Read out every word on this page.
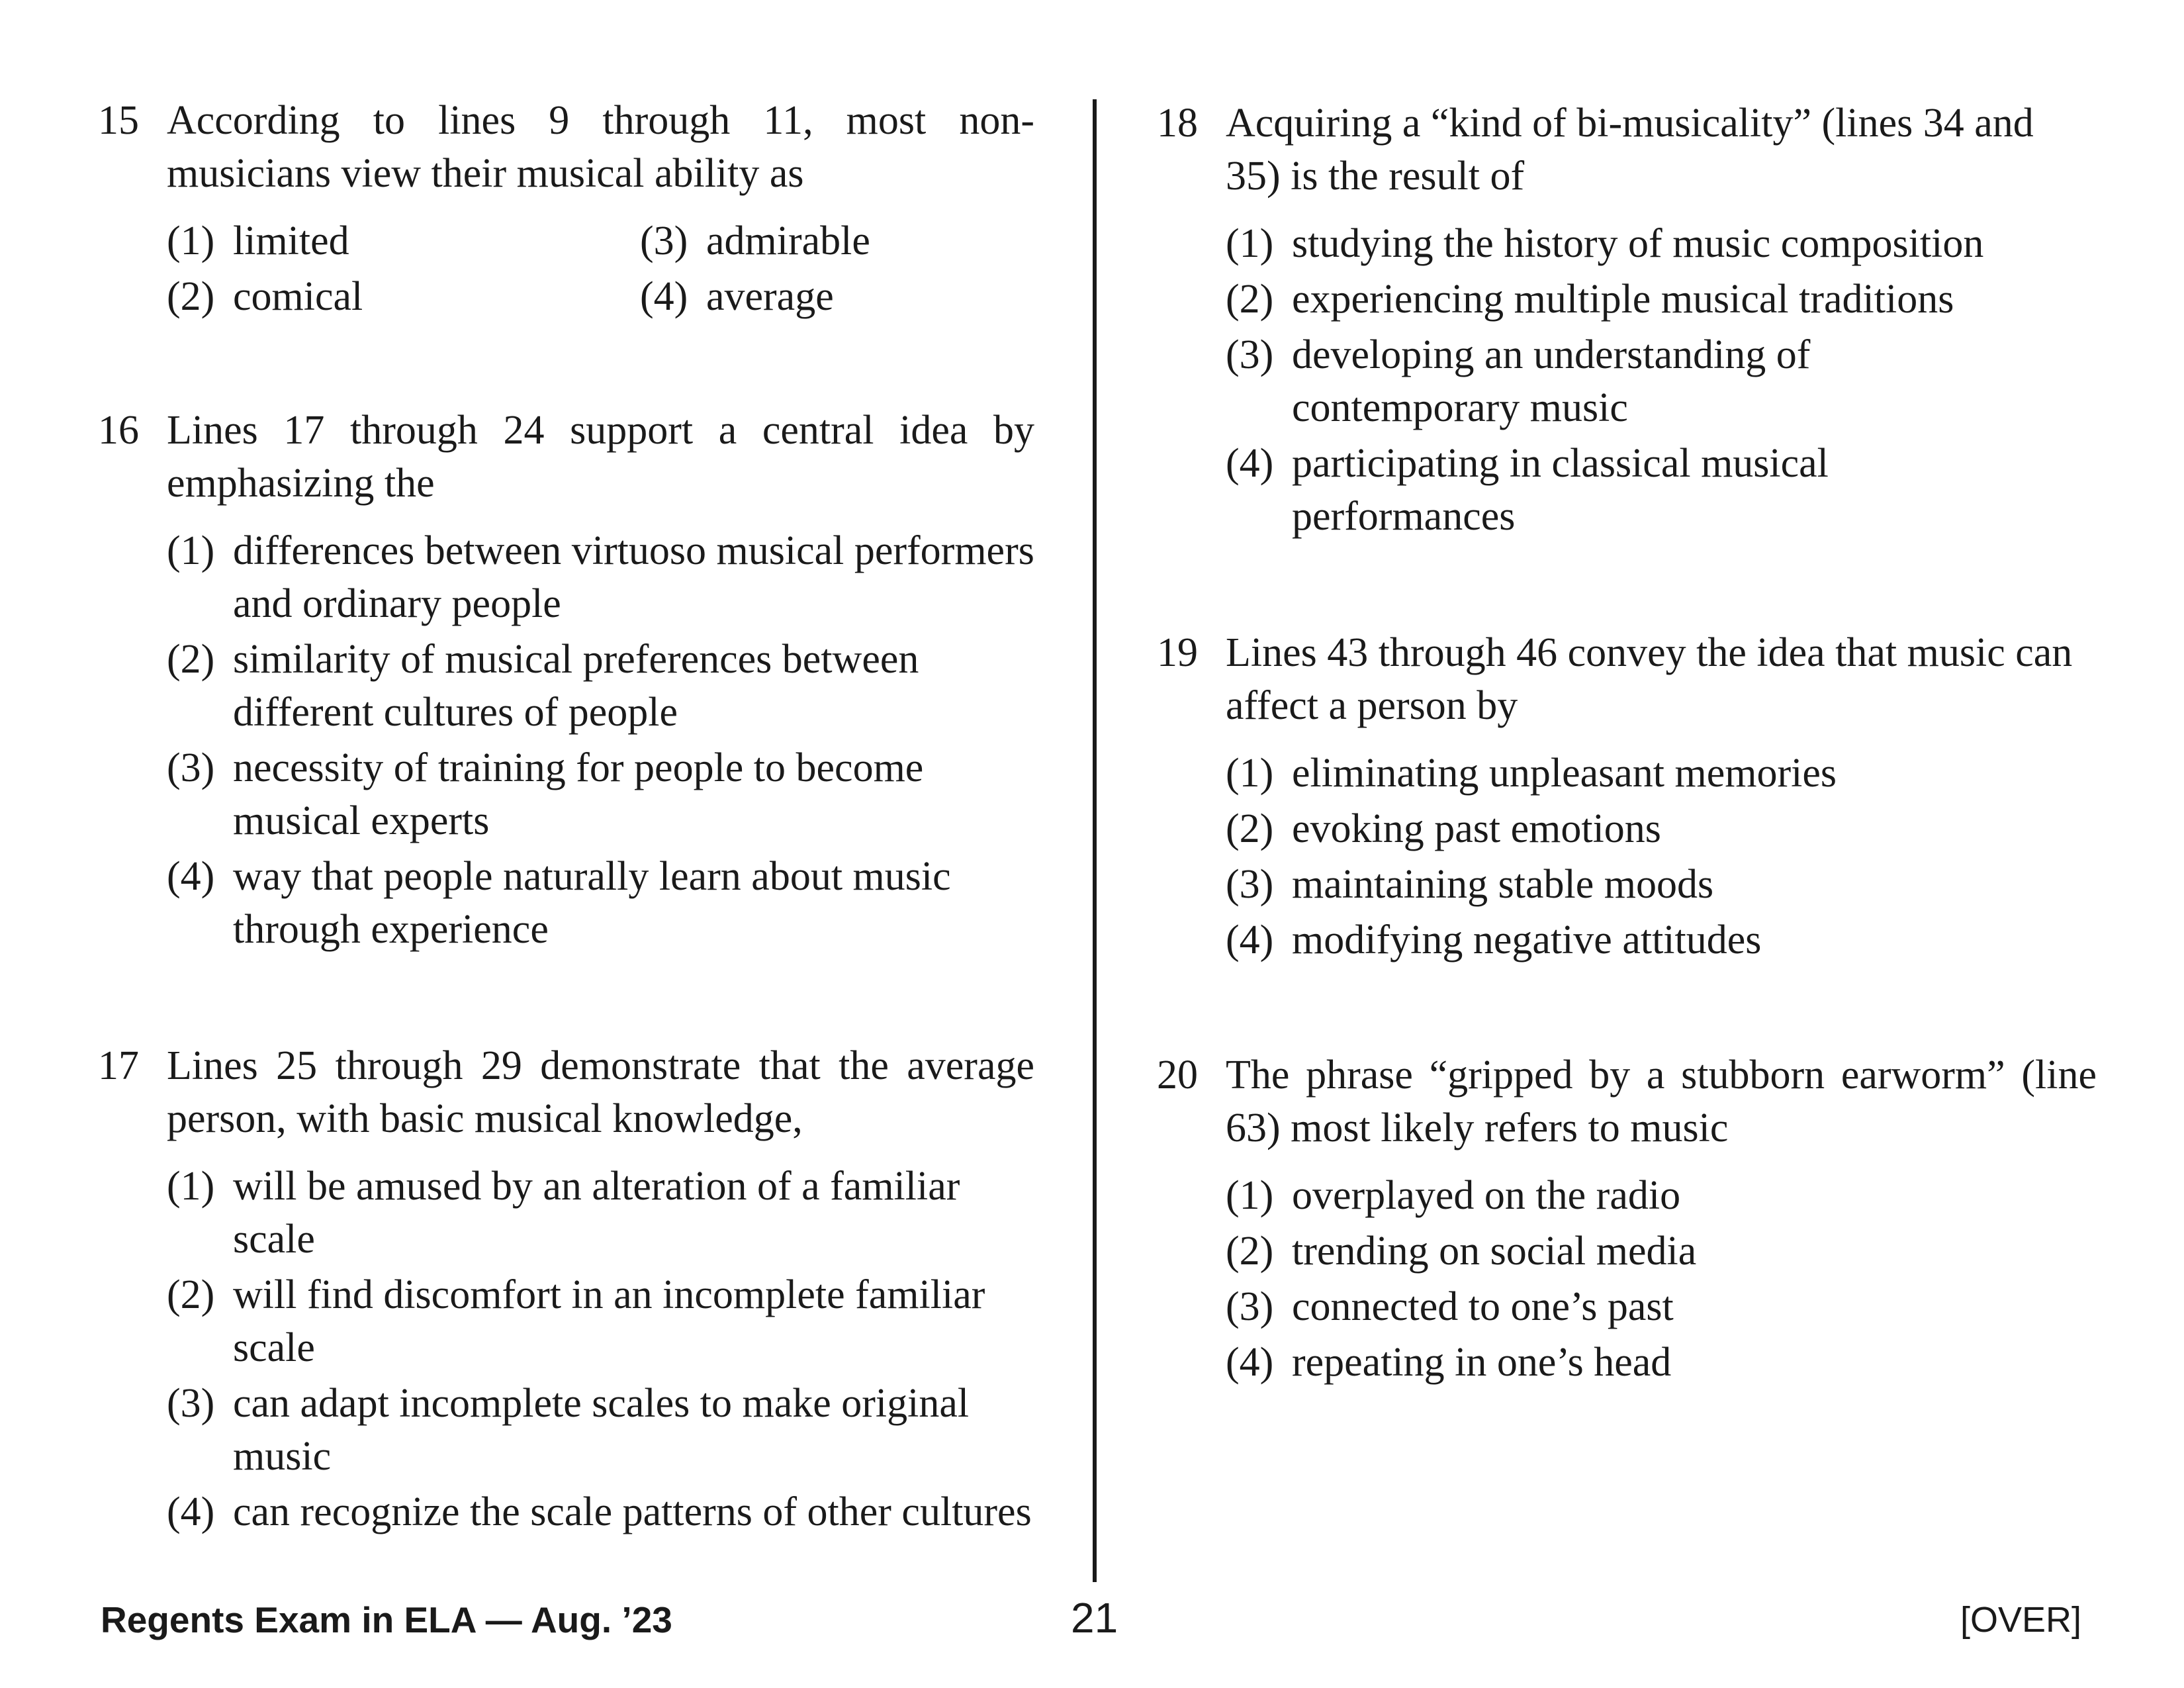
15 According to lines 9 through 11, most non-musicians view their musical ability as
(1) limited	(3) admirable
(2) comical	(4) average
16 Lines 17 through 24 support a central idea by emphasizing the
(1) differences between virtuoso musical performers and ordinary people
(2) similarity of musical preferences between different cultures of people
(3) necessity of training for people to become musical experts
(4) way that people naturally learn about music through experience
17 Lines 25 through 29 demonstrate that the average person, with basic musical knowledge,
(1) will be amused by an alteration of a familiar scale
(2) will find discomfort in an incomplete familiar scale
(3) can adapt incomplete scales to make original music
(4) can recognize the scale patterns of other cultures
18 Acquiring a “kind of bi-musicality” (lines 34 and 35) is the result of
(1) studying the history of music composition
(2) experiencing multiple musical traditions
(3) developing an understanding of contemporary music
(4) participating in classical musical performances
19 Lines 43 through 46 convey the idea that music can affect a person by
(1) eliminating unpleasant memories
(2) evoking past emotions
(3) maintaining stable moods
(4) modifying negative attitudes
20 The phrase “gripped by a stubborn earworm” (line 63) most likely refers to music
(1) overplayed on the radio
(2) trending on social media
(3) connected to one’s past
(4) repeating in one’s head
Regents Exam in ELA — Aug. ’23	21	[OVER]
